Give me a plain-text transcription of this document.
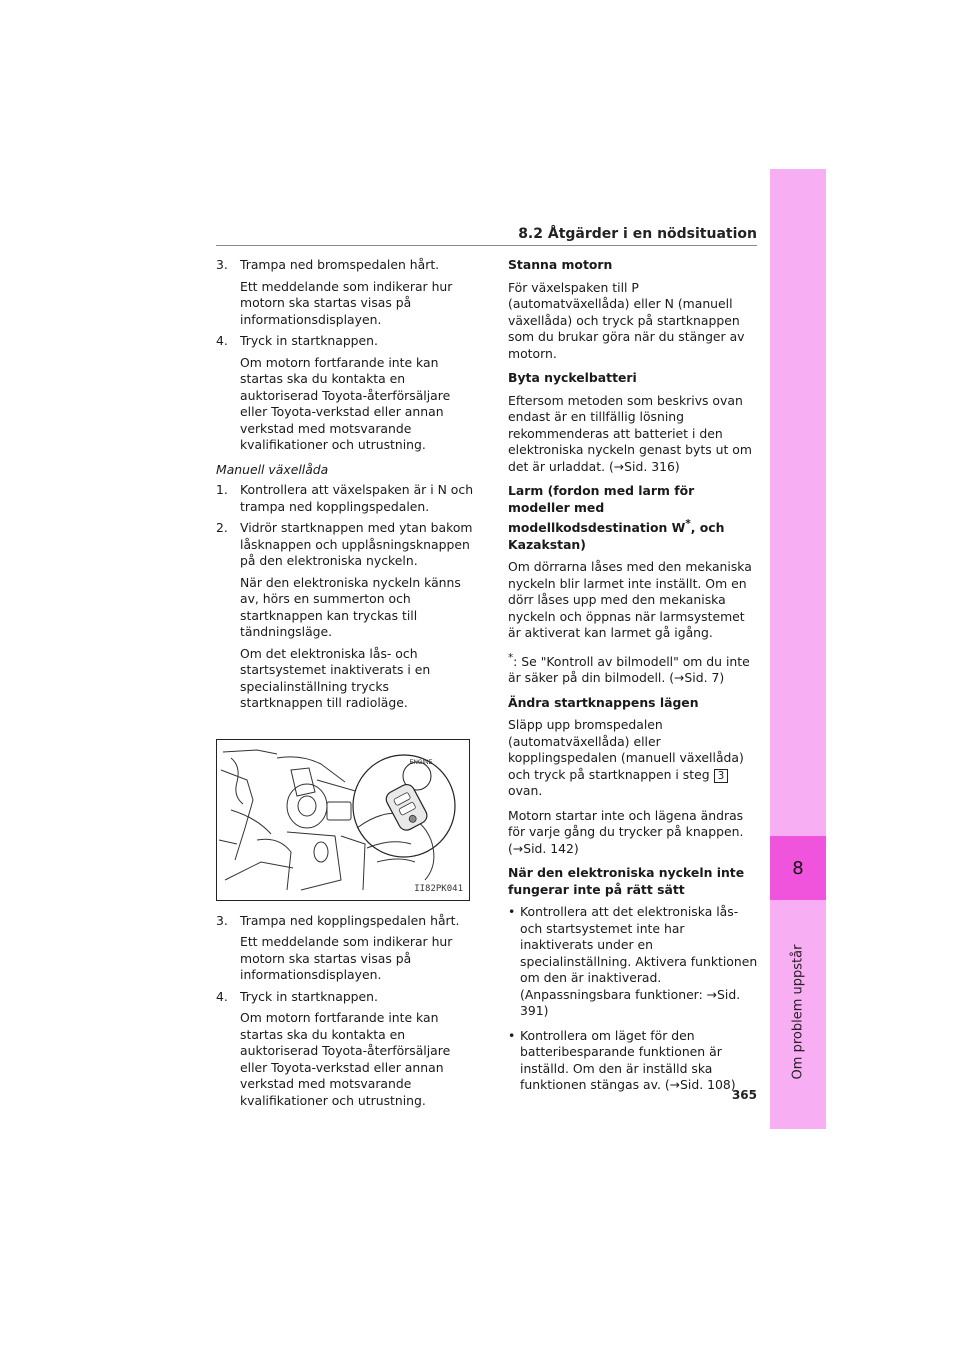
8
Om problem uppstår
8.2 Åtgärder i en nödsituation
3. Trampa ned bromspedalen hårt.
Ett meddelande som indikerar hur motorn ska startas visas på informationsdisplayen.
4. Tryck in startknappen.
Om motorn fortfarande inte kan startas ska du kontakta en auktoriserad Toyota-återförsäljare eller Toyota-verkstad eller annan verkstad med motsvarande kvalifikationer och utrustning.
Manuell växellåda
1. Kontrollera att växelspaken är i N och trampa ned kopplingspedalen.
2. Vidrör startknappen med ytan bakom låsknappen och upplåsningsknappen på den elektroniska nyckeln.
När den elektroniska nyckeln känns av, hörs en summerton och startknappen kan tryckas till tändningsläge.
Om det elektroniska lås- och startsystemet inaktiverats i en specialinställning trycks startknappen till radioläge.
ENGINE
II82PK041
3. Trampa ned kopplingspedalen hårt.
Ett meddelande som indikerar hur motorn ska startas visas på informationsdisplayen.
4. Tryck in startknappen.
Om motorn fortfarande inte kan startas ska du kontakta en auktoriserad Toyota-återförsäljare eller Toyota-verkstad eller annan verkstad med motsvarande kvalifikationer och utrustning.
Stanna motorn

För växelspaken till P (automatväxellåda) eller N (manuell växellåda) och tryck på startknappen som du brukar göra när du stänger av motorn.

Byta nyckelbatteri

Eftersom metoden som beskrivs ovan endast är en tillfällig lösning rekommenderas att batteriet i den elektroniska nyckeln genast byts ut om det är urladdat. (→Sid. 316)

Larm (fordon med larm för modeller med modellkodsdestination W*, och Kazakstan)

Om dörrarna låses med den mekaniska nyckeln blir larmet inte inställt. Om en dörr låses upp med den mekaniska nyckeln och öppnas när larmsystemet är aktiverat kan larmet gå igång.

*: Se "Kontroll av bilmodell" om du inte är säker på din bilmodell. (→Sid. 7)

Ändra startknappens lägen

Släpp upp bromspedalen (automatväxellåda) eller kopplingspedalen (manuell växellåda) och tryck på startknappen i steg 3 ovan.

Motorn startar inte och lägena ändras för varje gång du trycker på knappen. (→Sid. 142)

När den elektroniska nyckeln inte fungerar inte på rätt sätt
• Kontrollera att det elektroniska lås- och startsystemet inte har inaktiverats under en specialinställning. Aktivera funktionen om den är inaktiverad. (Anpassningsbara funktioner: →Sid. 391)
• Kontrollera om läget för den batteribesparande funktionen är inställd. Om den är inställd ska funktionen stängas av. (→Sid. 108)
365
